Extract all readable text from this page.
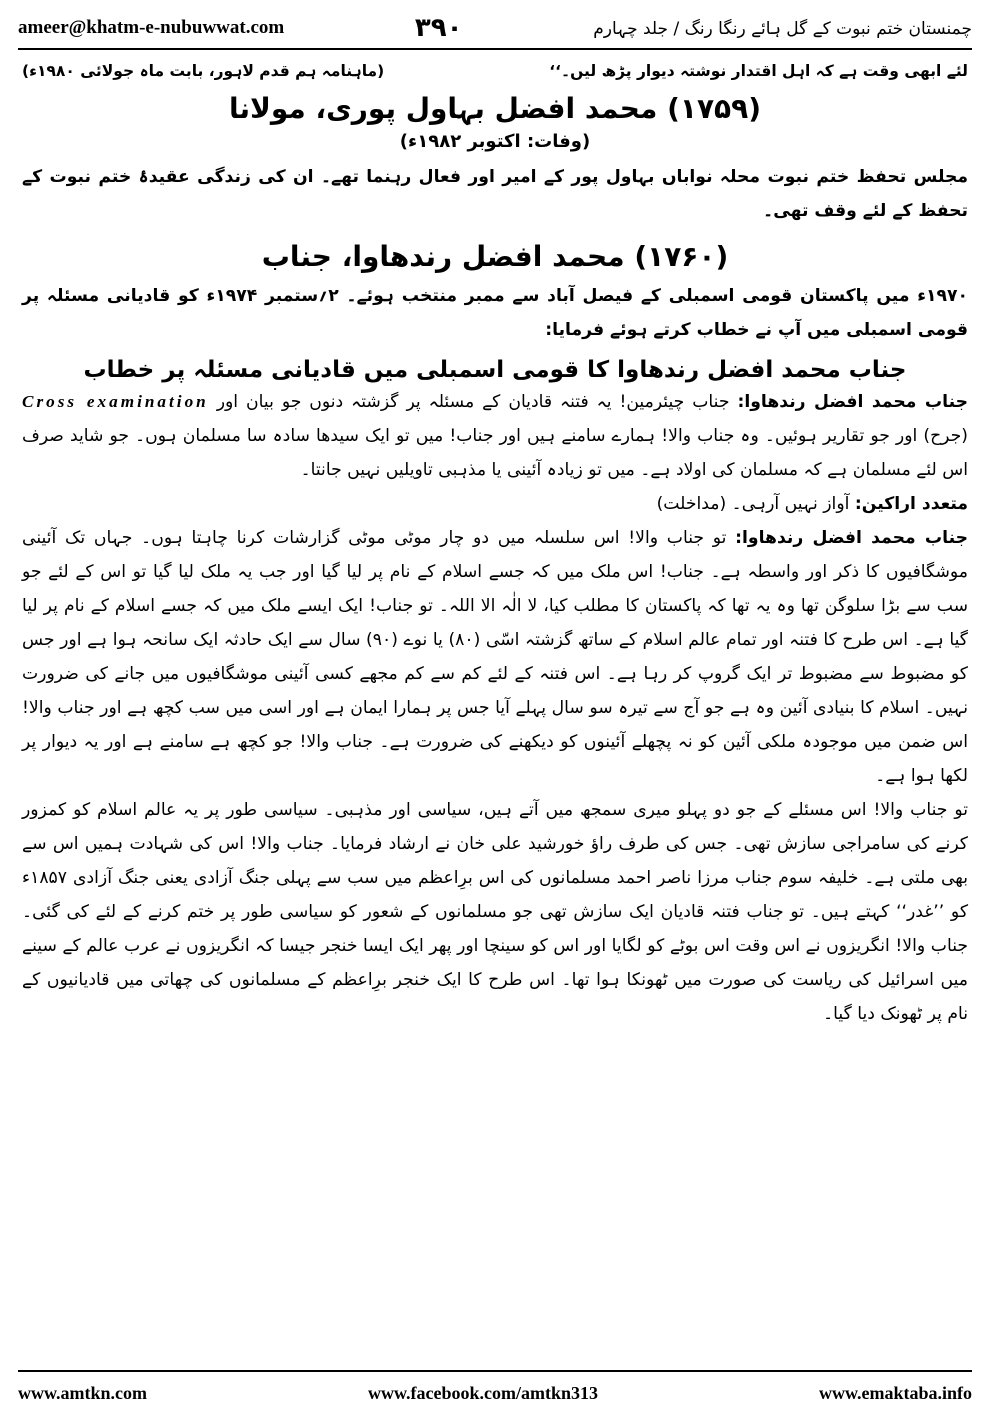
ameer@khatm-e-nubuwwat.com	۳۹۰	چمنستان ختم نبوت کے گل ہائے رنگا رنگ / جلد چہارم
لئے ابھی وقت ہے کہ اہل اقتدار نوشتہ دیوار پڑھ لیں۔‘‘
(ماہنامہ ہم قدم لاہور، بابت ماہ جولائی ۱۹۸۰ء)
(۱۷۵۹) محمد افضل بہاول پوری، مولانا
(وفات: اکتوبر ۱۹۸۲ء)

مجلس تحفظ ختم نبوت محلہ نواباں بہاول پور کے امیر اور فعال رہنما تھے۔ ان کی زندگی عقیدۂ ختم نبوت کے تحفظ کے لئے وقف تھی۔

(۱۷۶۰) محمد افضل رندھاوا، جناب

۱۹۷۰ء میں پاکستان قومی اسمبلی کے فیصل آباد سے ممبر منتخب ہوئے۔ ۲؍ستمبر ۱۹۷۴ء کو قادیانی مسئلہ پر قومی اسمبلی میں آپ نے خطاب کرتے ہوئے فرمایا:

جناب محمد افضل رندھاوا کا قومی اسمبلی میں قادیانی مسئلہ پر خطاب

جناب محمد افضل رندھاوا: جناب چیئرمین! یہ فتنہ قادیان کے مسئلہ پر گزشتہ دنوں جو بیان اور Cross examination (جرح) اور جو تقاریر ہوئیں۔ وہ جناب والا! ہمارے سامنے ہیں اور جناب! میں تو ایک سیدھا سادہ سا مسلمان ہوں۔ جو شاید صرف اس لئے مسلمان ہے کہ مسلمان کی اولاد ہے۔ میں تو زیادہ آئینی یا مذہبی تاویلیں نہیں جانتا۔

متعدد اراکین: آواز نہیں آرہی۔ (مداخلت)

جناب محمد افضل رندھاوا: تو جناب والا! اس سلسلہ میں دو چار موٹی موٹی گزارشات کرنا چاہتا ہوں۔ جہاں تک آئینی موشگافیوں کا ذکر اور واسطہ ہے۔ جناب! اس ملک میں کہ جسے اسلام کے نام پر لیا گیا اور جب یہ ملک لیا گیا تو اس کے لئے جو سب سے بڑا سلوگن تھا وہ یہ تھا کہ پاکستان کا مطلب کیا، لا الٰہ الا اللہ۔ تو جناب! ایک ایسے ملک میں کہ جسے اسلام کے نام پر لیا گیا ہے۔ اس طرح کا فتنہ اور تمام عالم اسلام کے ساتھ گزشتہ اسّی (۸۰) یا نوے (۹۰) سال سے ایک حادثہ ایک سانحہ ہوا ہے اور جس کو مضبوط سے مضبوط تر ایک گروپ کر رہا ہے۔ اس فتنہ کے لئے کم سے کم مجھے کسی آئینی موشگافیوں میں جانے کی ضرورت نہیں۔ اسلام کا بنیادی آئین وہ ہے جو آج سے تیرہ سو سال پہلے آیا جس پر ہمارا ایمان ہے اور اسی میں سب کچھ ہے اور جناب والا! اس ضمن میں موجودہ ملکی آئین کو نہ پچھلے آئینوں کو دیکھنے کی ضرورت ہے۔ جناب والا! جو کچھ ہے سامنے ہے اور یہ دیوار پر لکھا ہوا ہے۔

تو جناب والا! اس مسئلے کے جو دو پہلو میری سمجھ میں آتے ہیں، سیاسی اور مذہبی۔ سیاسی طور پر یہ عالم اسلام کو کمزور کرنے کی سامراجی سازش تھی۔ جس کی طرف راؤ خورشید علی خان نے ارشاد فرمایا۔ جناب والا! اس کی شہادت ہمیں اس سے بھی ملتی ہے۔ خلیفہ سوم جناب مرزا ناصر احمد مسلمانوں کی اس برِاعظم میں سب سے پہلی جنگ آزادی یعنی جنگ آزادی ۱۸۵۷ء کو ’’غدر‘‘ کہتے ہیں۔ تو جناب فتنہ قادیان ایک سازش تھی جو مسلمانوں کے شعور کو سیاسی طور پر ختم کرنے کے لئے کی گئی۔ جناب والا! انگریزوں نے اس وقت اس بوٹے کو لگایا اور اس کو سینچا اور پھر ایک ایسا خنجر جیسا کہ انگریزوں نے عرب عالم کے سینے میں اسرائیل کی ریاست کی صورت میں ٹھونکا ہوا تھا۔ اس طرح کا ایک خنجر برِاعظم کے مسلمانوں کی چھاتی میں قادیانیوں کے نام پر ٹھونک دیا گیا۔

www.amtkn.com	www.facebook.com/amtkn313	www.emaktaba.info
